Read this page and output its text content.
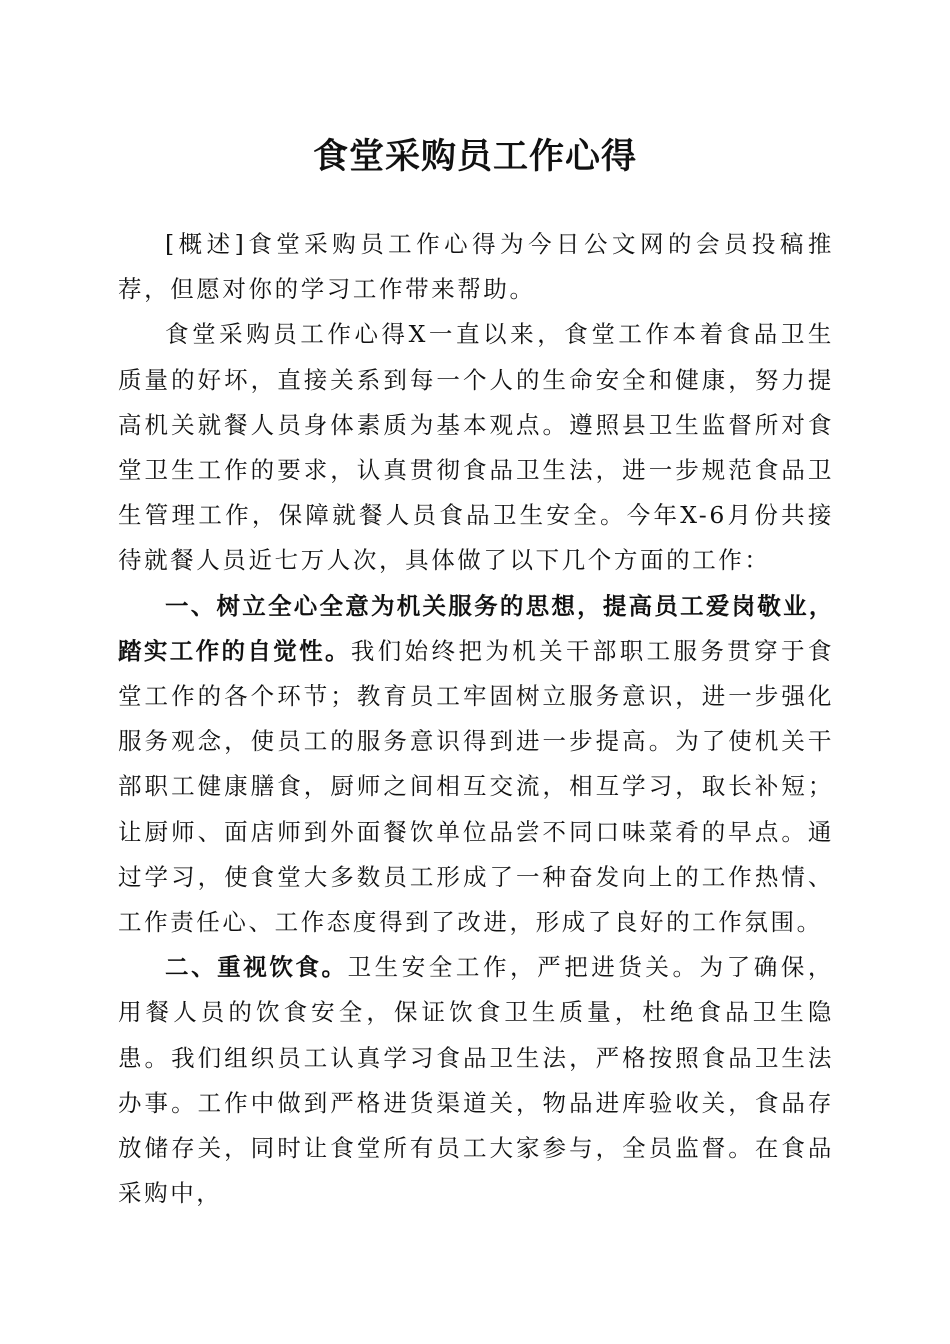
食堂采购员工作心得

[概述]食堂采购员工作心得为今日公文网的会员投稿推荐，但愿对你的学习工作带来帮助。

食堂采购员工作心得X一直以来，食堂工作本着食品卫生质量的好坏，直接关系到每一个人的生命安全和健康，努力提高机关就餐人员身体素质为基本观点。遵照县卫生监督所对食堂卫生工作的要求，认真贯彻食品卫生法，进一步规范食品卫生管理工作，保障就餐人员食品卫生安全。今年X-6月份共接待就餐人员近七万人次，具体做了以下几个方面的工作：

一、树立全心全意为机关服务的思想，提高员工爱岗敬业，踏实工作的自觉性。我们始终把为机关干部职工服务贯穿于食堂工作的各个环节；教育员工牢固树立服务意识，进一步强化服务观念，使员工的服务意识得到进一步提高。为了使机关干部职工健康膳食，厨师之间相互交流，相互学习，取长补短；让厨师、面店师到外面餐饮单位品尝不同口味菜肴的早点。通过学习，使食堂大多数员工形成了一种奋发向上的工作热情、工作责任心、工作态度得到了改进，形成了良好的工作氛围。

二、重视饮食。卫生安全工作，严把进货关。为了确保，用餐人员的饮食安全，保证饮食卫生质量，杜绝食品卫生隐患。我们组织员工认真学习食品卫生法，严格按照食品卫生法办事。工作中做到严格进货渠道关，物品进库验收关，食品存放储存关，同时让食堂所有员工大家参与，全员监督。在食品采购中，
